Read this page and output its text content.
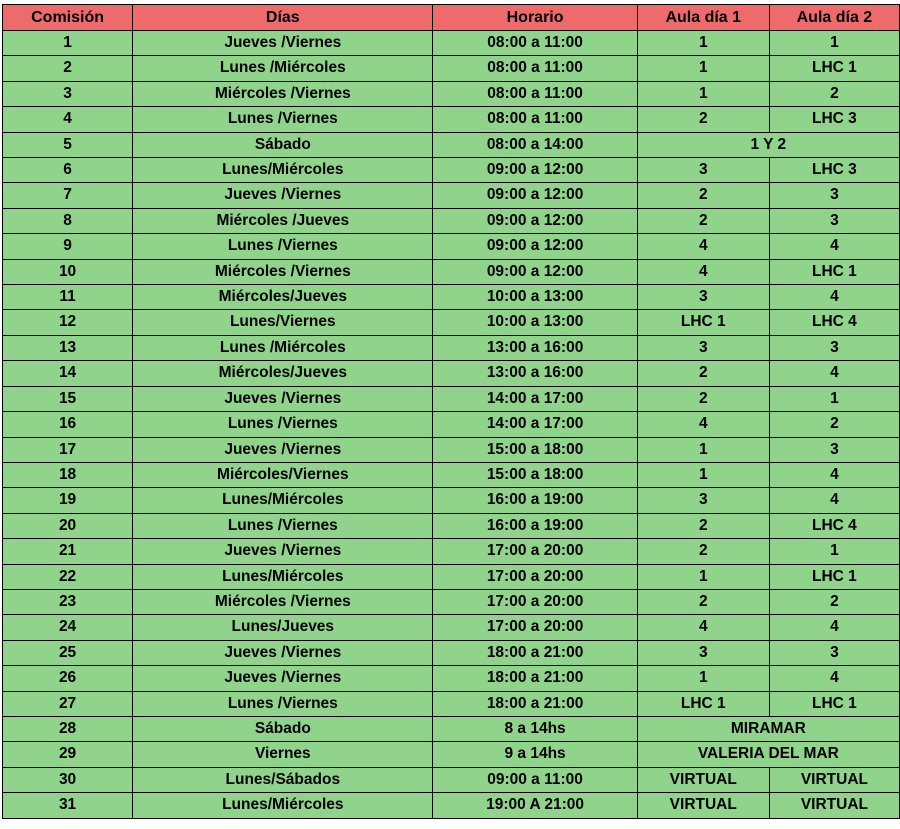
Comisión	Días	Horario	Aula día 1	Aula día 2
1	Jueves /Viernes	08:00 a 11:00	1	1
2	Lunes /Miércoles	08:00 a 11:00	1	LHC 1
3	Miércoles /Viernes	08:00 a 11:00	1	2
4	Lunes /Viernes	08:00 a 11:00	2	LHC 3
5	Sábado	08:00 a 14:00	1 Y 2	
6	Lunes/Miércoles	09:00 a 12:00	3	LHC 3
7	Jueves /Viernes	09:00 a 12:00	2	3
8	Miércoles /Jueves	09:00 a 12:00	2	3
9	Lunes /Viernes	09:00 a 12:00	4	4
10	Miércoles /Viernes	09:00 a 12:00	4	LHC 1
11	Miércoles/Jueves	10:00 a 13:00	3	4
12	Lunes/Viernes	10:00 a 13:00	LHC 1	LHC 4
13	Lunes /Miércoles	13:00 a 16:00	3	3
14	Miércoles/Jueves	13:00 a 16:00	2	4
15	Jueves /Viernes	14:00 a 17:00	2	1
16	Lunes /Viernes	14:00 a 17:00	4	2
17	Jueves /Viernes	15:00 a 18:00	1	3
18	Miércoles/Viernes	15:00 a 18:00	1	4
19	Lunes/Miércoles	16:00 a 19:00	3	4
20	Lunes /Viernes	16:00 a 19:00	2	LHC 4
21	Jueves /Viernes	17:00 a 20:00	2	1
22	Lunes/Miércoles	17:00 a 20:00	1	LHC 1
23	Miércoles /Viernes	17:00 a 20:00	2	2
24	Lunes/Jueves	17:00 a 20:00	4	4
25	Jueves /Viernes	18:00 a 21:00	3	3
26	Jueves /Viernes	18:00 a 21:00	1	4
27	Lunes /Viernes	18:00 a 21:00	LHC 1	LHC 1
28	Sábado	8 a 14hs	MIRAMAR	
29	Viernes	9 a 14hs	VALERIA DEL MAR	
30	Lunes/Sábados	09:00 a 11:00	VIRTUAL	VIRTUAL
31	Lunes/Miércoles	19:00 A 21:00	VIRTUAL	VIRTUAL
